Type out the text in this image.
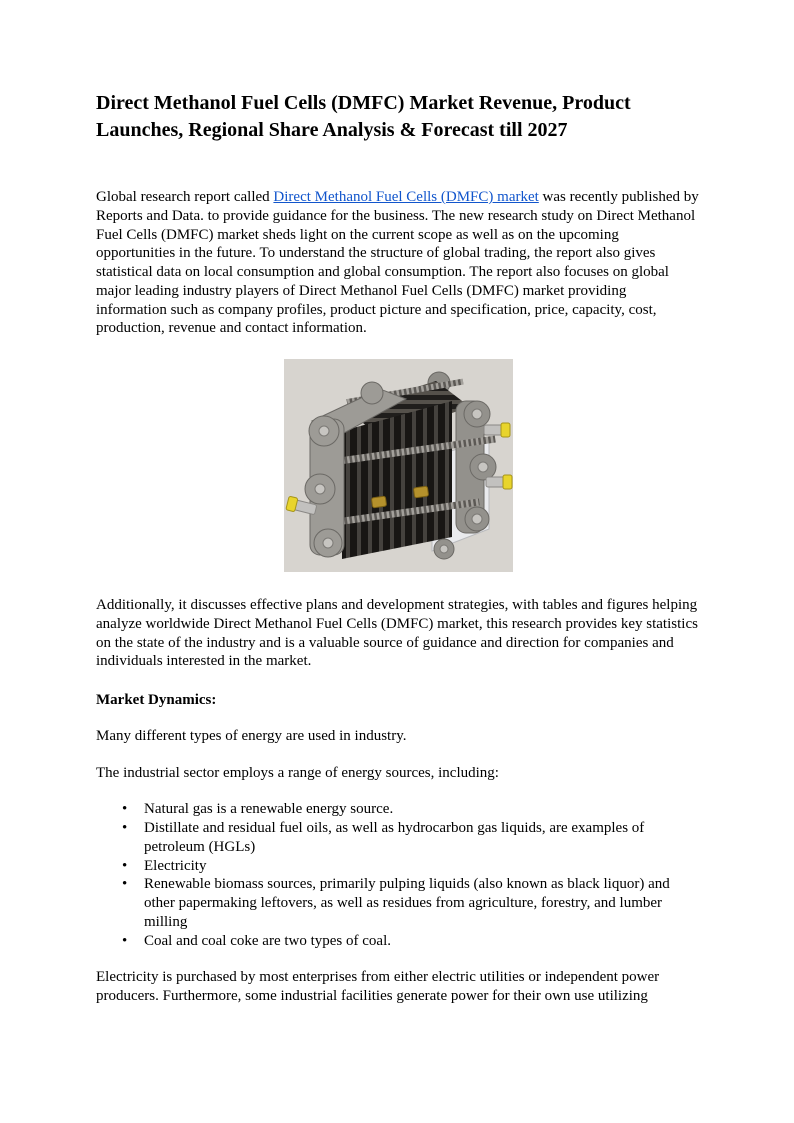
Direct Methanol Fuel Cells (DMFC) Market Revenue, Product Launches, Regional Share Analysis & Forecast till 2027

Global research report called Direct Methanol Fuel Cells (DMFC) market was recently published by Reports and Data. to provide guidance for the business. The new research study on Direct Methanol Fuel Cells (DMFC) market sheds light on the current scope as well as on the upcoming opportunities in the future. To understand the structure of global trading, the report also gives statistical data on local consumption and global consumption. The report also focuses on global major leading industry players of Direct Methanol Fuel Cells (DMFC) market providing information such as company profiles, product picture and specification, price, capacity, cost, production, revenue and contact information.

Additionally, it discusses effective plans and development strategies, with tables and figures helping analyze worldwide Direct Methanol Fuel Cells (DMFC) market, this research provides key statistics on the state of the industry and is a valuable source of guidance and direction for companies and individuals interested in the market.

Market Dynamics:

Many different types of energy are used in industry.

The industrial sector employs a range of energy sources, including:

•	Natural gas is a renewable energy source.
•	Distillate and residual fuel oils, as well as hydrocarbon gas liquids, are examples of petroleum (HGLs)
•	Electricity
•	Renewable biomass sources, primarily pulping liquids (also known as black liquor) and other papermaking leftovers, as well as residues from agriculture, forestry, and lumber milling
•	Coal and coal coke are two types of coal.

Electricity is purchased by most enterprises from either electric utilities or independent power producers. Furthermore, some industrial facilities generate power for their own use utilizing
